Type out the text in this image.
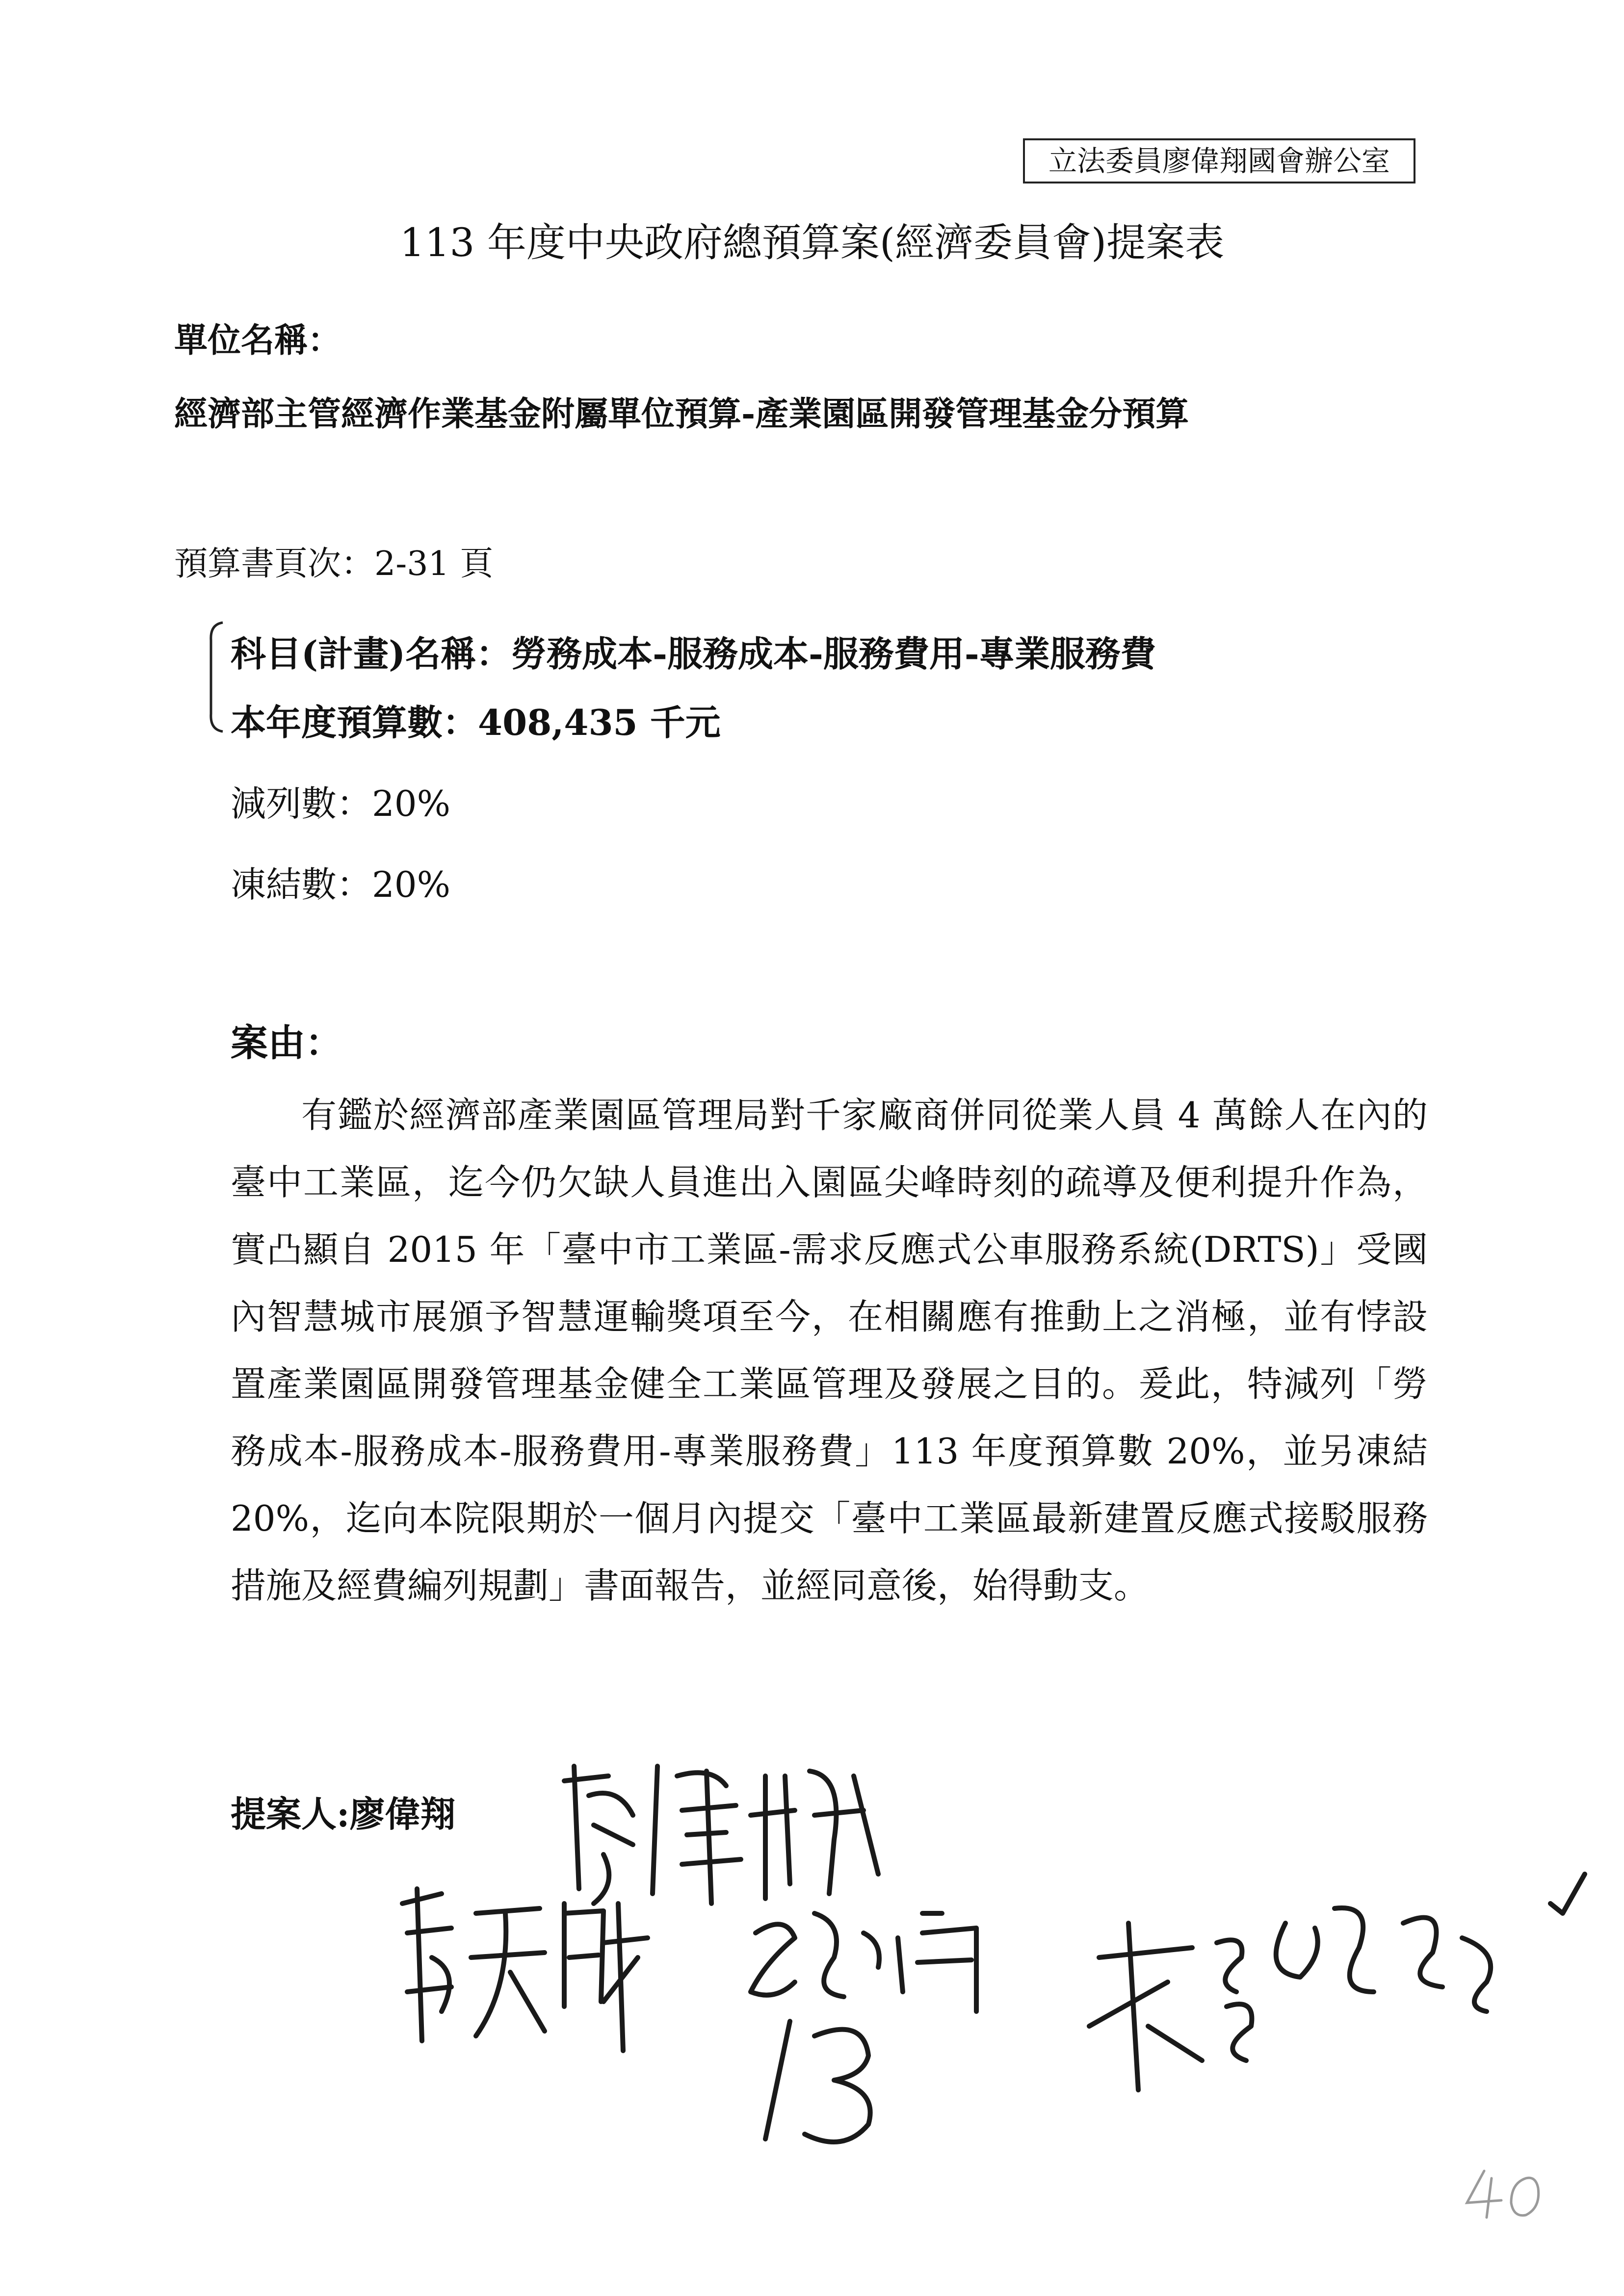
立法委員廖偉翔國會辦公室
113 年度中央政府總預算案(經濟委員會)提案表
單位名稱：
經濟部主管經濟作業基金附屬單位預算-產業園區開發管理基金分預算
預算書頁次：2-31 頁
科目(計畫)名稱：勞務成本-服務成本-服務費用-專業服務費
本年度預算數：408,435 千元
減列數：20%
凍結數：20%
案由：
有鑑於經濟部產業園區管理局對千家廠商併同從業人員 4 萬餘人在內的臺中工業區，迄今仍欠缺人員進出入園區尖峰時刻的疏導及便利提升作為，實凸顯自 2015 年「臺中市工業區-需求反應式公車服務系統(DRTS)」受國內智慧城市展頒予智慧運輸獎項至今，在相關應有推動上之消極，並有悖設置產業園區開發管理基金健全工業區管理及發展之目的。爰此，特減列「勞務成本-服務成本-服務費用-專業服務費」113 年度預算數 20%，並另凍結 20%，迄向本院限期於一個月內提交「臺中工業區最新建置反應式接駁服務措施及經費編列規劃」書面報告，並經同意後，始得動支。
提案人:廖偉翔
